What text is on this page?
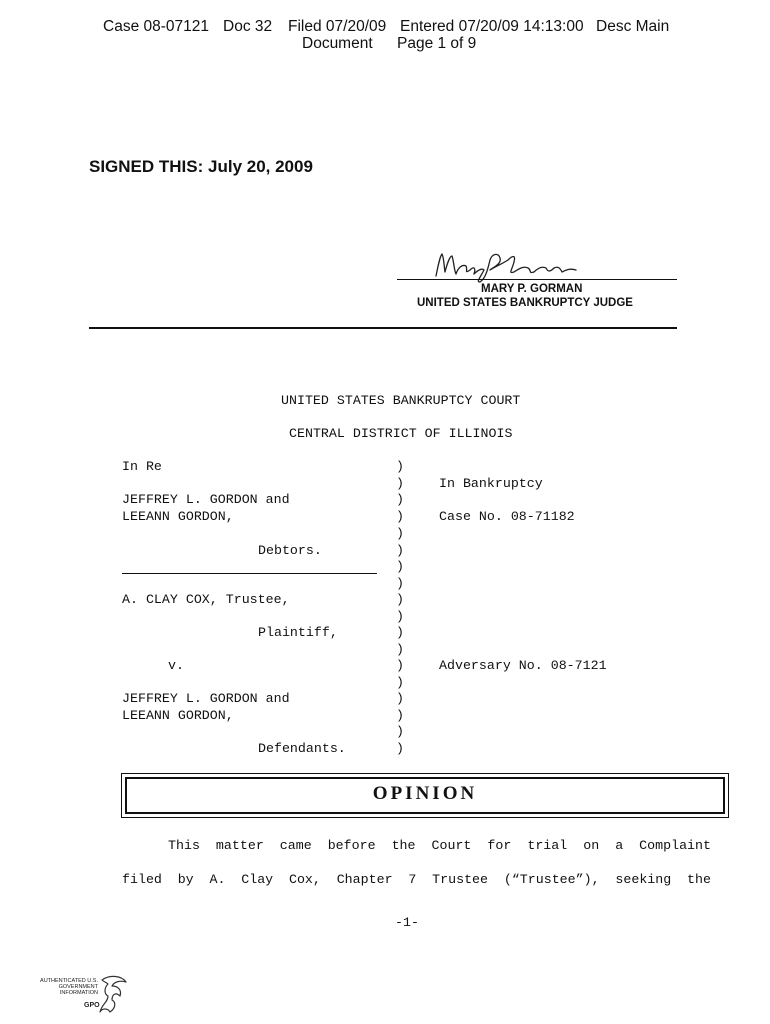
Case 08-07121 Doc 32 Filed 07/20/09 Entered 07/20/09 14:13:00 Desc Main
Document Page 1 of 9
SIGNED THIS: July 20, 2009
MARY P. GORMAN
UNITED STATES BANKRUPTCY JUDGE
UNITED STATES BANKRUPTCY COURT
CENTRAL DISTRICT OF ILLINOIS
In Re
JEFFREY L. GORDON and
LEEANN GORDON,
Debtors.
A. CLAY COX, Trustee,
Plaintiff,
v.
JEFFREY L. GORDON and
LEEANN GORDON,
Defendants.
In Bankruptcy
Case No. 08-71182
Adversary No. 08-7121
)
)
)
)
)
)
)
)
)
)
)
)
)
)
)
)
)
)
OPINION
This matter came before the Court for trial on a Complaint
filed by A. Clay Cox, Chapter 7 Trustee (“Trustee”), seeking the
-1-
AUTHENTICATED U.S. GOVERNMENT INFORMATION
GPO
